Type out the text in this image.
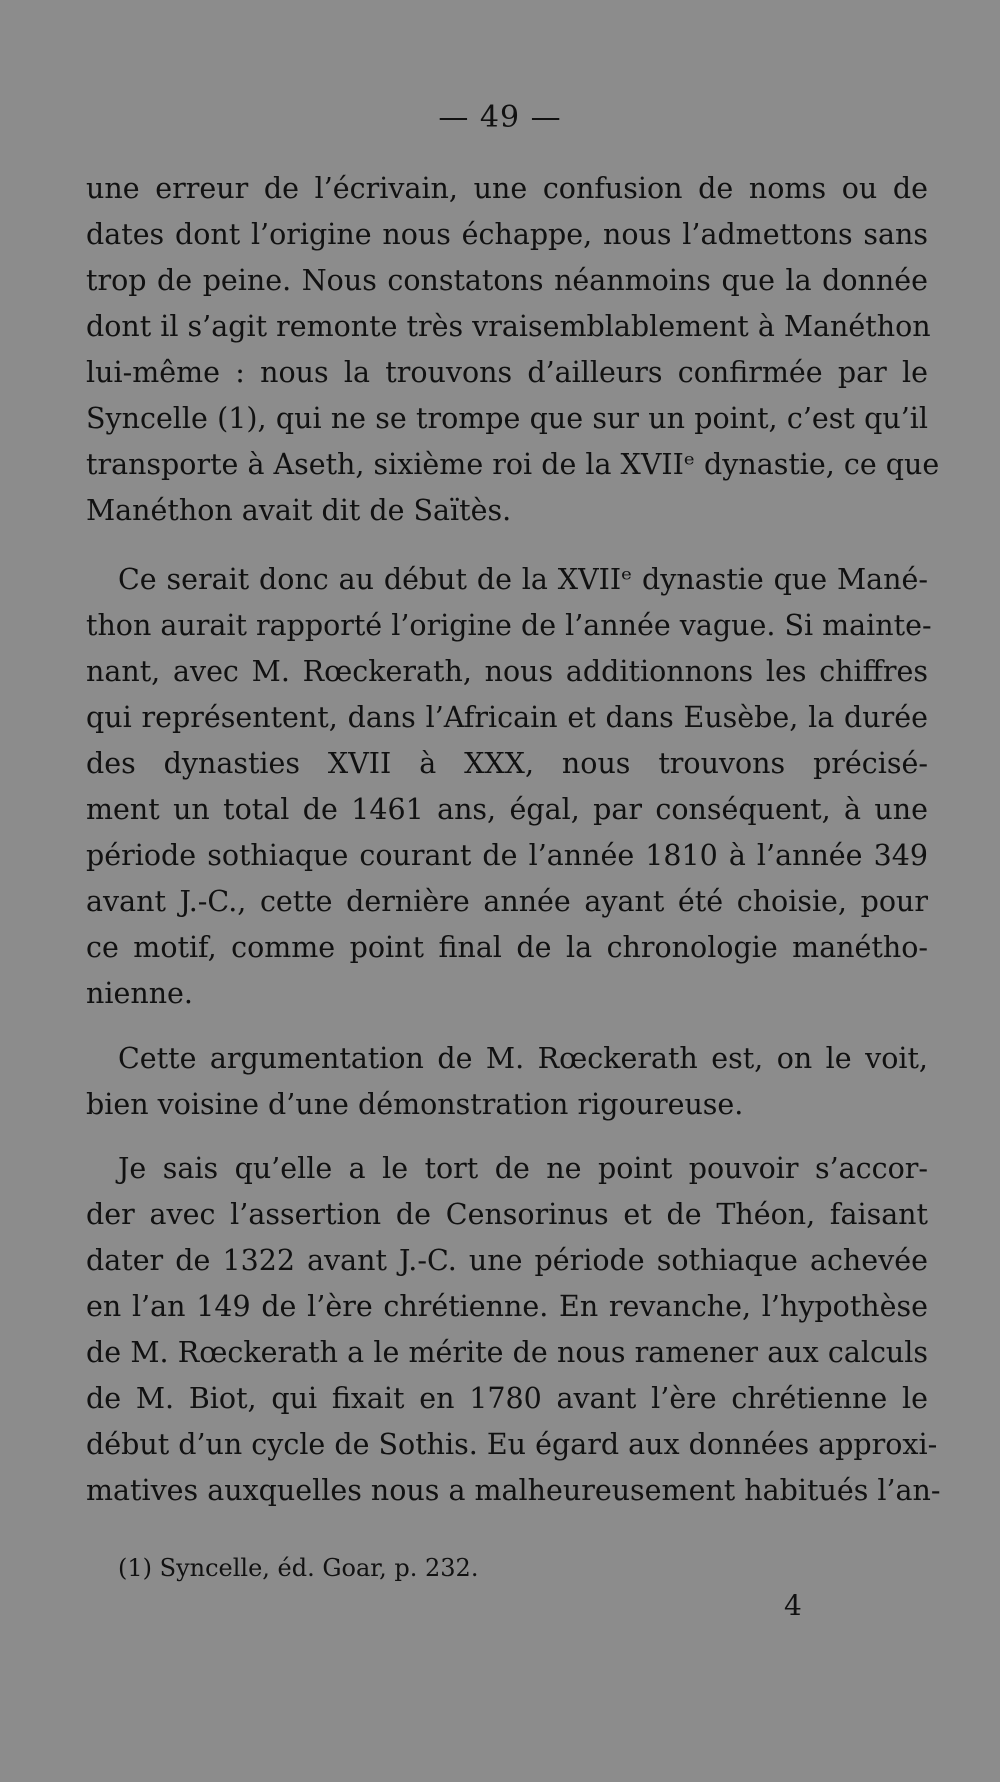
— 49 —
une erreur de l’écrivain, une confusion de noms ou de
dates dont l’origine nous échappe, nous l’admettons sans
trop de peine. Nous constatons néanmoins que la donnée
dont il s’agit remonte très vraisemblablement à Manéthon
lui-même : nous la trouvons d’ailleurs confirmée par le
Syncelle (1), qui ne se trompe que sur un point, c’est qu’il
transporte à Aseth, sixième roi de la XVIIᵉ dynastie, ce que
Manéthon avait dit de Saïtès.
Ce serait donc au début de la XVIIᵉ dynastie que Mané-
thon aurait rapporté l’origine de l’année vague. Si mainte-
nant, avec M. Rœckerath, nous additionnons les chiffres
qui représentent, dans l’Africain et dans Eusèbe, la durée
des dynasties XVII à XXX, nous trouvons précisé-
ment un total de 1461 ans, égal, par conséquent, à une
période sothiaque courant de l’année 1810 à l’année 349
avant J.-C., cette dernière année ayant été choisie, pour
ce motif, comme point final de la chronologie manétho-
nienne.
Cette argumentation de M. Rœckerath est, on le voit,
bien voisine d’une démonstration rigoureuse.
Je sais qu’elle a le tort de ne point pouvoir s’accor-
der avec l’assertion de Censorinus et de Théon, faisant
dater de 1322 avant J.-C. une période sothiaque achevée
en l’an 149 de l’ère chrétienne. En revanche, l’hypothèse
de M. Rœckerath a le mérite de nous ramener aux calculs
de M. Biot, qui fixait en 1780 avant l’ère chrétienne le
début d’un cycle de Sothis. Eu égard aux données approxi-
matives auxquelles nous a malheureusement habitués l’an-
(1) Syncelle, éd. Goar, p. 232.
4
